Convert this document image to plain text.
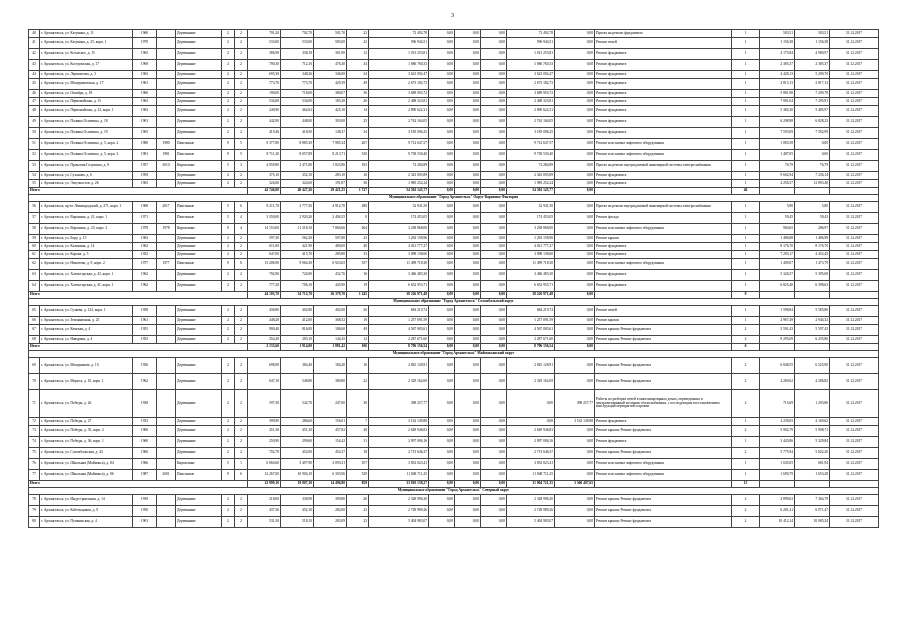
3
40	г. Архангельск, ул. Катунина, д. 11	1960		Деревянные	2	2	701,20	702,70	501,70	22	72 492,78	0,00	0,00	0,00	72 492,78	0,00	Проект на ремонт фундамента	1	503,51	503,51	31.12.2017
41	г. Архангельск, ул. Катунина, д. 25, корп. 1	1970		Деревянные	2	2	533,00	533,00	583,00	22	596 944,51	0,00	0,00	0,00	596 944,51	0,00	Ремонт печей	1	1 156,38	1 156,38	31.12.2017
42	г. Архангельск, ул. Котлаское, д. 15	1965		Деревянные	2	2	386,98	338,18	301,90	12	1 013 253,81	0,00	0,00	0,00	1 013 253,81	0,00	Ремонт фундамента	1	4 175,84	4 980,97	31.12.2017
43	г. Архангельск, ул. Костромская, д. 17	1969		Деревянные	2	2	700,30	712,16	476,40	34	1 686 760,33	0,00	0,00	0,00	1 686 760,33	0,00	Ремонт фундамента	1	2 385,37	2 385,37	31.12.2017
44	г. Архангельск, ул. Лермонтова, д. 3	1963		Деревянные	2	2	695,30	348,26	346,00	24	3 623 092,47	0,00	0,00	0,00	3 623 092,47	0,00	Ремонт фундамента	1	4 428,13	5 209,70	31.12.2017
45	г. Архангельск, ул. Мещеряковская, д. 17	1961		Деревянные	2	2	773,70	773,70	429,39	49	2 673 182,73	0,00	0,00	0,00	2 673 182,73	0,00	Ремонт фундамента	1	2 815,13	2 817,13	31.12.2017
46	г. Архангельск, ул. Октября, д. 18	1960		Деревянные	2	2	190,00	718,00	380,07	36	3 689 903,72	0,00	0,00	0,00	3 689 903,72	0,00	Ремонт фундамента	1	5 881,90	7 209,78	31.12.2017
47	г. Архангельск, ул. Первомайская, д. 15	1963		Деревянные	2	2	534,00	534,00	183,30	26	2 408 323,81	0,00	0,00	0,00	2 408 323,81	0,00	Ремонт фундамента	1	7 081,04	7 295,91	31.12.2017
48	г. Архангельск, ул. Первомайская, д. 23, корп. 1	1963		Деревянные	2	2	240,90	462,63	425,10	14	2 890 622,31	0,00	0,00	0,00	2 890 622,31	0,00	Ремонт фундамента	1	5 382,30	5 485,97	31.12.2017
49	г. Архангельск, ул. Полины Осипенко, д. 18	1961		Деревянные	2	2	442,90	448,00	393,00	25	2 762 164,05	0,00	0,00	0,00	2 762 164,05	0,00	Ремонт фундамента	1	6 298,98	6 828,23	31.12.2017
50	г. Архангельск, ул. Полины Осипенко, д. 19	1965		Деревянные	2	2	419,46	418,50	148,37	34	3 185 006,25	0,00	0,00	0,00	3 185 006,25	0,00	Ремонт фундамента	1	7 593,09	7 592,99	31.12.2017
51	г. Архангельск, ул. Полины Осипенко, д. 5, корп. 2	1980	1980	Панельные	9	5	9 377,80	8 885,30	7 985,34	267	9 712 647,57	0,00	0,00	0,00	9 712 647,57	0,00	Ремонт или замена лифтового оборудования	1	1 083,58	0,00	31.12.2017
52	г. Архангельск, ул. Полины Осипенко, д. 5, корп. 3	1981	1981	Панельные	9	5	8 711,20	8 057,89	8 213,71	330	9 738 530,40	0,00	0,00	0,00	9 738 530,40	0,00	Ремонт или замена лифтового оборудования	1	1 487,05	0,00	31.12.2017
53	г. Архангельск, ул. Прокопия Галушина, д. 8	1957	2010	Кирпичные	5	3	4 059,80	2 471,80	1 823,96	183	72 284,89	0,00	0,00	0,00	72 284,89	0,00	Проект на ремонт внутридомовой инженерной системы электроснабжения	1	76,79	76,79	31.12.2017
54	г. Архангельск, ул. Суханова, д. 6	1959		Деревянные	2	2	375,10	352,10	283,10	16	2 343 005,89	0,00	0,00	0,00	2 343 005,89	0,00	Ремонт фундамента	1	9 602,94	7 236,14	31.12.2017
55	г. Архангельск, ул. Энтузиастов, д. 26	1963		Деревянные	2	2	324,60	324,60	191,87	36	1 985 252,24	0,00	0,00	0,00	1 985 252,24	0,00	Ремонт фундамента	1	4 256,37	12 893,40	31.12.2017
Итого							42 746,00	40 427,26	29 421,25	1 727	54 502 145,77	0,00	0,00	0,00	54 502 145,77	0,00		46			
Муниципальное образование "Город Архангельск" Округ Варавино-Фактория																					
56	г. Архангельск, пр-кт Ленинградский, д. 271, корп. 1	1968	2017	Панельные	5	6	8 211,70	3 777,50	4 912,70	280	32 941,50	0,00	0,00	0,00	32 941,50	0,00	Проект на ремонт внутридомовой инженерной системы электроснабжения	1	5,80	5,80	31.12.2017
57	г. Архангельск, ул. Воронина, д. 21, корп. 1	1971		Панельные	5	4	3 350,00	2 920,20	2 494,55	0	174 453,05	0,00	0,00	0,00	174 453,05	0,00	Ремонт фасада	1	59,45	59,43	31.12.2017
58	г. Архангельск, ул. Воронина, д. 23, корп. 2	1978	1978	Кирпичные	9	4	14 153,00	11 218,10	7 866,66	264	3 238 868,00	0,00	0,00	0,00	3 238 868,00	0,00	Ремонт или замена лифтового оборудования	1	904,65	286,97	31.12.2017
59	г. Архангельск, ул. Бору, д. 15	1963		Деревянные	2	2	597,30	562,20	507,80	23	1 292 158,96	0,00	0,00	0,00	1 292 158,96	0,00	Ремонт крыши	1	1 486,88	1 486,98	31.12.2017
60	г. Архангельск, ул. Калинина, д. 14	1962		Деревянные	2	2	611,00	421,90	480,00	40	4 021 777,27	0,00	0,00	0,00	4 021 777,27	0,00	Ремонт фундамента	1	8 176,70	8 176,70	31.12.2017
61	г. Архангельск, ул. Корова, д. 5	1952		Деревянные	2	2	647,00	415,70	285,80	33	3 098 138,60	0,00	0,00	0,00	3 098 138,60	0,00	Ремонт фундамента	1	7 293,17	4 452,45	31.12.2017
62	г. Архангельск, ул. Никитова, д. 9, корп. 2	1977	1977	Панельные	9	6	13 206,90	9 964,30	6 923,65	357	11 499 718,30	0,00	0,00	0,00	11 499 718,30	0,00	Ремонт или замена лифтового оборудования	1	1 409,07	1 473,79	31.12.2017
63	г. Архангельск, ул. Холмогорская, д. 43, корп. 1	1962		Деревянные	2	2	792,90	724,90	432,76	16	3 466 483,30	0,00	0,00	0,00	3 466 483,30	0,00	Ремонт фундамента	1	5 326,57	5 395,08	31.12.2017
64	г. Архангельск, ул. Холмогорская, д. 41, корп. 1	1962		Деревянные	2	2	777,20	706,10	445,90	19	6 652 953,71	0,00	0,00	0,00	6 652 953,71	0,00	Ремонт фундамента	1	6 825,40	6 398,63	31.12.2017
Итого							44 103,70	34 712,70	26 379,70	1 245	38 226 971,48	0,00	0,00	0,00	38 226 971,48	0,00		9			
Муниципальное образование "Город Архангельск" Соломбальский округ																					
65	г. Архангельск, ул. Гуляева, д. 132, корп. 1	1958		Деревянные	2	2	430,80	402,80	402,00	26	684 219,74	0,00	0,00	0,00	684 219,74	0,00	Ремонт печей	1	1 598,84	5 585,86	31.12.2017
66	г. Архангельск, ул. Земляничная, д. 25	1961		Деревянные	2	2	448,20	412,00	368,52	19	1 257 091,59	0,00	0,00	0,00	1 257 091,59	0,00	Ремонт крыши	1	2 967,49	2 944,32	31.12.2017
67	г. Архангельск, ул. Кемская, д. 4	1955		Деревянные	2	2	900,40	816,00	186,60	49	4 567 083,61	0,00	0,00	0,00	4 567 083,61	0,00	Ремонт крыши; Ремонт фундамента	2	5 591,43	5 597,43	31.12.2017
68	г. Архангельск, ул. Наварина, д. 4	1953		Деревянные	2	2	354,20	283,10	144,45	12	2 287 671,60	0,00	0,00	0,00	2 287 671,60	0,00	Ремонт крыши; Ремонт фундамента	2	9 295,69	6 255,86	31.12.2017
Итого							2 133,60	1 914,00	1 881,42	106	8 796 156,54	0,00	0,00	0,00	8 796 156,54	0,00		6			
Муниципальное образование "Город Архангельск" Маймаксанский округ																					
69	г. Архангельск, ул. Мещерякова, д. 10	1936		Деревянные	2	2	698,90	384,40	184,20	16	2 845 128,91	0,00	0,00	0,00	2 845 128,91	0,00	Ремонт крыши; Ремонт фундамента	2	6 848,55	6 525,90	31.12.2017
70	г. Архангельск, ул. Мориса, д. 10, корп. 1	1962		Деревянные	2	2	647,10	548,80	380,80	22	2 329 162,69	0,00	0,00	0,00	2 329 162,69	0,00	Ремонт крыши; Ремонт фундамента	2	4 269,62	4 286,82	31.12.2017
71	г. Архангельск, ул. Победы, д. 26	1938		Деревянные	2	2	597,30	542,70	247,00	30	398 257,77	0,00	0,00	0,00	0,00	398 257,77	Работы по разборке печей в многоквартирных домах, переведенных в централизованный источник теплоснабжения, с последующим восстановлением конструкций перекрытий и кровли	2	715,69	1 293,86	31.12.2017
72	г. Архангельск, ул. Победы, д. 27	1933		Деревянные	2	2	399,90	286,60	156,01	7	3 162 149,88	0,00	0,00	0,00	0,00	3 162 149,88	Ремонт фундамента	1	4 239,65	4 169,62	31.12.2017
73	г. Архангельск, ул. Победы, д. 35, корп. 2	1960		Деревянные	2	2	451,30	451,10	457,82	28	2 649 946,83	0,00	0,00	0,00	2 649 946,83	0,00	Ремонт крыши; Ремонт фундамента	2	5 902,79	5 908,71	31.12.2017
74	г. Архангельск, ул. Победы, д. 36, корп. 1	1960		Деревянные	2	2	250,90	299,60	154,42	31	2 097 006,16	0,00	0,00	0,00	2 097 006,16	0,00	Ремонт фундамента	1	3 443,86	5 329,84	31.12.2017
75	г. Архангельск, ул. Соломбальская, д. 43	1960		Деревянные	2	2	702,70	452,00	454,37	18	2 713 646,37	0,00	0,00	0,00	2 713 646,37	0,00	Ремонт крыши; Ремонт фундамента	2	5 775,94	5 822,20	31.12.2017
76	г. Архангельск, ул. Школьная (Маймакса), д. 84	1966		Кирпичные	5	1	6 060,60	5 497,90	4 093,31	107	3 833 023,41	0,00	0,00	0,00	3 833 023,41	0,00	Ремонт или замена лифтового оборудования	1	1 045,05	681,94	31.12.2017
77	г. Архангельск, ул. Школьная (Маймакса), д. 86	1987	2001	Панельные	9	6	12 267,00	10 904,10	6 303,96	529	11 848 711,25	0,00	0,00	0,00	11 848 711,25	0,00	Ремонт или замена лифтового оборудования	1	1 690,79	1 653,28	31.12.2017
Итого							22 999,10	19 807,10	14 496,80	859	33 810 138,27	0,00	0,00	0,00	31 904 721,35	3 560 407,65		15			
Муниципальное образование "Город Архангельск" Северный округ																					
78	г. Архангельск, ул. Индустриальная, д. 14	1939		Деревянные	2	2	318,00	338,90	399,80	26	2 328 996,30	0,00	0,00	0,00	2 328 996,30	0,00	Ремонт крыши; Ремонт фундамента	2	2 899,63	7 364,79	31.12.2017
79	г. Архангельск, ул. Кабельщиков, д. 9	1950		Деревянные	2	2	437,36	452,10	282,00	23	2 728 989,26	0,00	0,00	0,00	2 728 989,26	0,00	Ремонт крыши; Ремонт фундамента	2	6 201,41	6 071,47	31.12.2017
80	г. Архангельск, ул. Пушкинская, д. 4	1961		Деревянные	2	2	531,30	518,10	283,09	23	5 404 983,07	0,00	0,00	0,00	5 404 983,07	0,00	Ремонт крыши; Ремонт фундамента	2	10 412,14	10 085,34	31.12.2017
